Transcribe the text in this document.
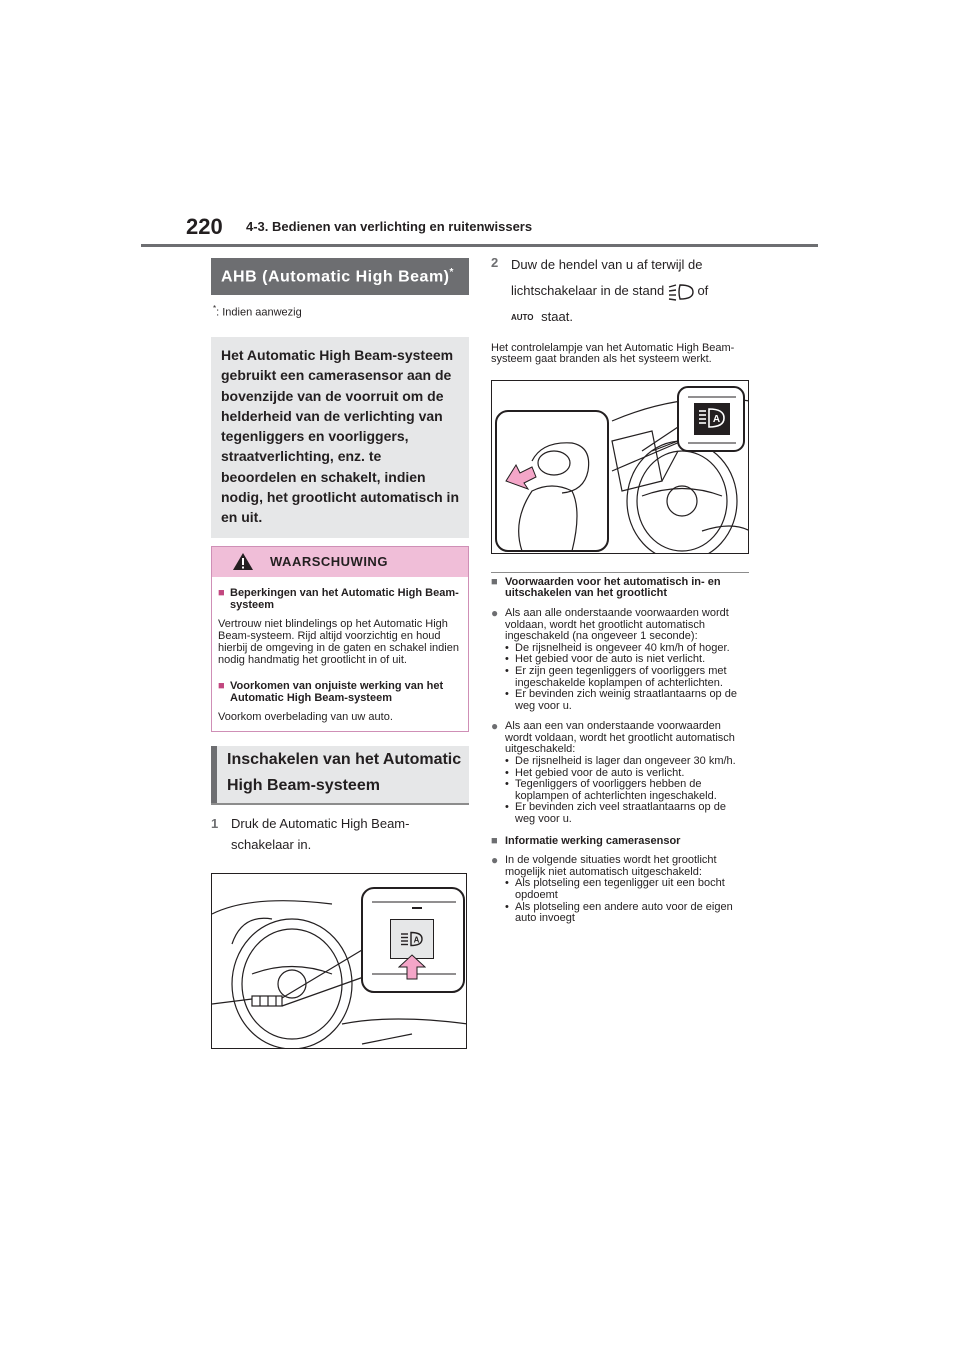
220 4-3. Bedienen van verlichting en ruitenwissers
AHB (Automatic High Beam)*
*: Indien aanwezig
Het Automatic High Beam-systeem gebruikt een camerasensor aan de bovenzijde van de voorruit om de helderheid van de verlichting van tegenliggers en voorliggers, straatverlichting, enz. te beoordelen en schakelt, indien nodig, het grootlicht automatisch in en uit.
WAARSCHUWING
■ Beperkingen van het Automatic High Beam-systeem
Vertrouw niet blindelings op het Automatic High Beam-systeem. Rijd altijd voorzichtig en houd hierbij de omgeving in de gaten en schakel indien nodig handmatig het grootlicht in of uit.
■ Voorkomen van onjuiste werking van het Automatic High Beam-systeem
Voorkom overbelading van uw auto.
Inschakelen van het Automatic High Beam-systeem
1 Druk de Automatic High Beam-schakelaar in.
A
2 Duw de hendel van u af terwijl de lichtschakelaar in de stand	of
AUTO staat.
Het controlelampje van het Automatic High Beam-systeem gaat branden als het systeem werkt.
A
■ Voorwaarden voor het automatisch in- en uitschakelen van het grootlicht
● Als aan alle onderstaande voorwaarden wordt voldaan, wordt het grootlicht automatisch ingeschakeld (na ongeveer 1 seconde):
• De rijsnelheid is ongeveer 40 km/h of hoger.
• Het gebied voor de auto is niet verlicht.
• Er zijn geen tegenliggers of voorliggers met ingeschakelde koplampen of achterlichten.
• Er bevinden zich weinig straatlantaarns op de weg voor u.
● Als aan een van onderstaande voorwaarden wordt voldaan, wordt het grootlicht automatisch uitgeschakeld:
• De rijsnelheid is lager dan ongeveer 30 km/h.
• Het gebied voor de auto is verlicht.
• Tegenliggers of voorliggers hebben de koplampen of achterlichten ingeschakeld.
• Er bevinden zich veel straatlantaarns op de weg voor u.
■ Informatie werking camerasensor
● In de volgende situaties wordt het grootlicht mogelijk niet automatisch uitgeschakeld:
• Als plotseling een tegenligger uit een bocht opdoemt
• Als plotseling een andere auto voor de eigen auto invoegt
